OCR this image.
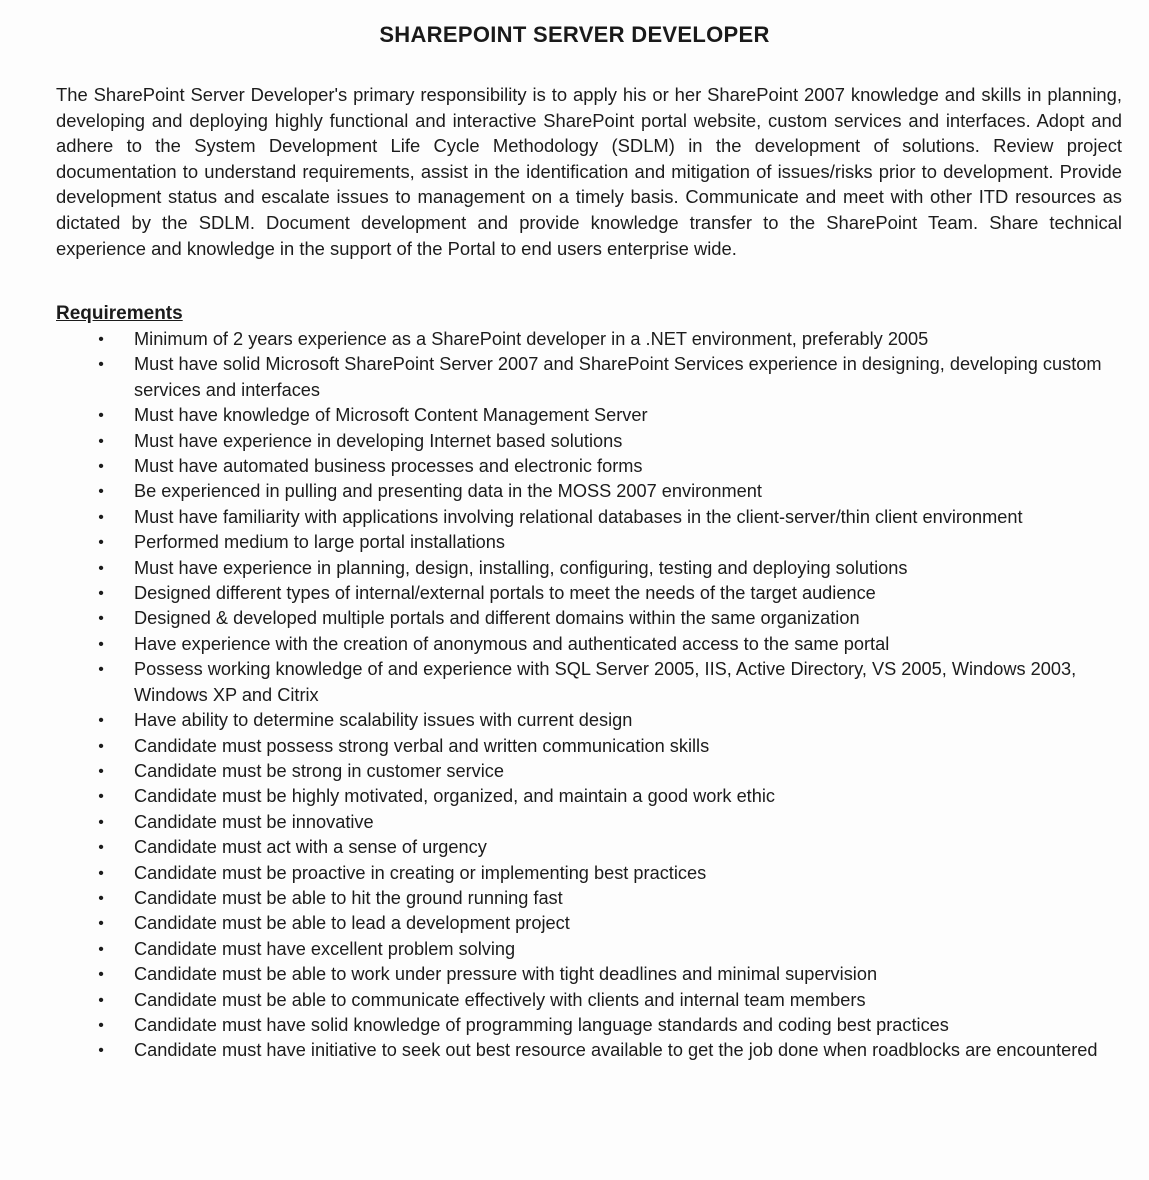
SHAREPOINT SERVER DEVELOPER

The SharePoint Server Developer's primary responsibility is to apply his or her SharePoint 2007 knowledge and skills in planning, developing and deploying highly functional and interactive SharePoint portal website, custom services and interfaces. Adopt and adhere to the System Development Life Cycle Methodology (SDLM) in the development of solutions. Review project documentation to understand requirements, assist in the identification and mitigation of issues/risks prior to development. Provide development status and escalate issues to management on a timely basis. Communicate and meet with other ITD resources as dictated by the SDLM. Document development and provide knowledge transfer to the SharePoint Team. Share technical experience and knowledge in the support of the Portal to end users enterprise wide.

Requirements
• Minimum of 2 years experience as a SharePoint developer in a .NET environment, preferably 2005
• Must have solid Microsoft SharePoint Server 2007 and SharePoint Services experience in designing, developing custom services and interfaces
• Must have knowledge of Microsoft Content Management Server
• Must have experience in developing Internet based solutions
• Must have automated business processes and electronic forms
• Be experienced in pulling and presenting data in the MOSS 2007 environment
• Must have familiarity with applications involving relational databases in the client-server/thin client environment
• Performed medium to large portal installations
• Must have experience in planning, design, installing, configuring, testing and deploying solutions
• Designed different types of internal/external portals to meet the needs of the target audience
• Designed & developed multiple portals and different domains within the same organization
• Have experience with the creation of anonymous and authenticated access to the same portal
• Possess working knowledge of and experience with SQL Server 2005, IIS, Active Directory, VS 2005, Windows 2003, Windows XP and Citrix
• Have ability to determine scalability issues with current design
• Candidate must possess strong verbal and written communication skills
• Candidate must be strong in customer service
• Candidate must be highly motivated, organized, and maintain a good work ethic
• Candidate must be innovative
• Candidate must act with a sense of urgency
• Candidate must be proactive in creating or implementing best practices
• Candidate must be able to hit the ground running fast
• Candidate must be able to lead a development project
• Candidate must have excellent problem solving
• Candidate must be able to work under pressure with tight deadlines and minimal supervision
• Candidate must be able to communicate effectively with clients and internal team members
• Candidate must have solid knowledge of programming language standards and coding best practices
• Candidate must have initiative to seek out best resource available to get the job done when roadblocks are encountered
